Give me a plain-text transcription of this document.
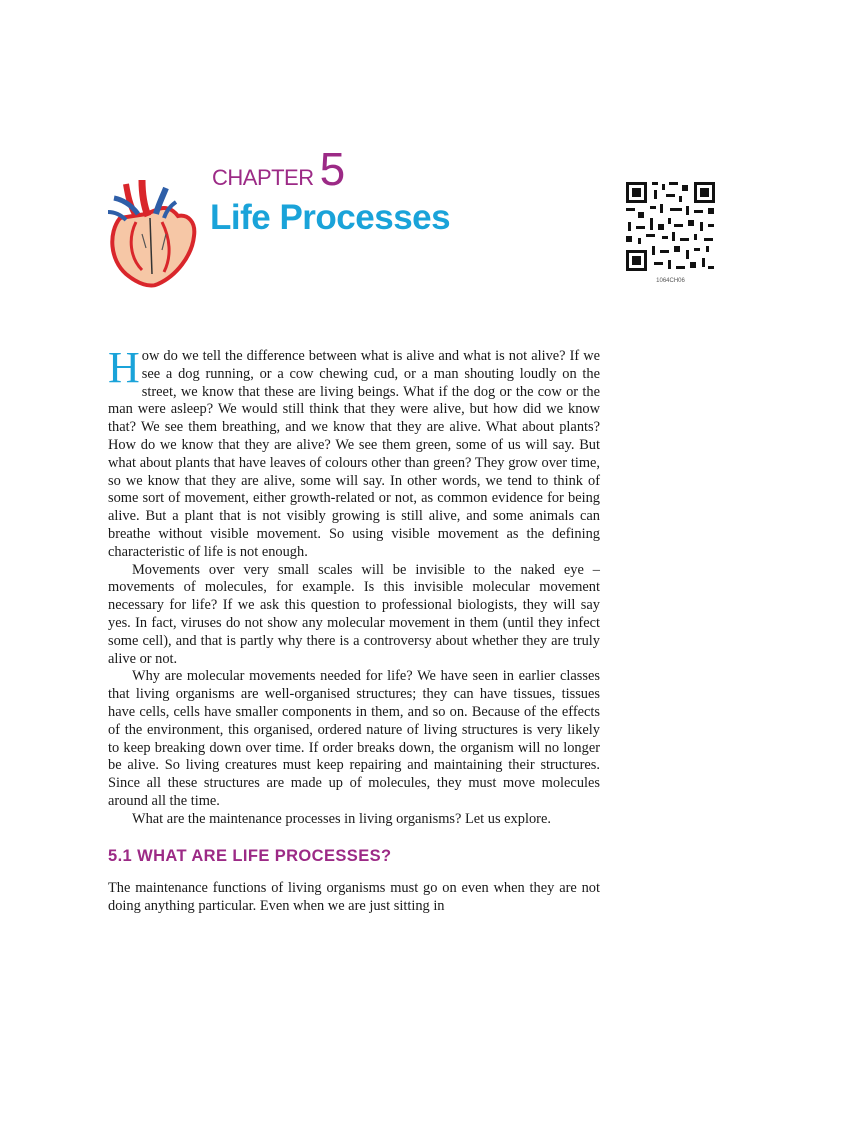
CHAPTER 5
Life Processes
1064CH06

How do we tell the difference between what is alive and what is not alive? If we see a dog running, or a cow chewing cud, or a man shouting loudly on the street, we know that these are living beings. What if the dog or the cow or the man were asleep? We would still think that they were alive, but how did we know that? We see them breathing, and we know that they are alive. What about plants? How do we know that they are alive? We see them green, some of us will say. But what about plants that have leaves of colours other than green? They grow over time, so we know that they are alive, some will say. In other words, we tend to think of some sort of movement, either growth-related or not, as common evidence for being alive. But a plant that is not visibly growing is still alive, and some animals can breathe without visible movement. So using visible movement as the defining characteristic of life is not enough.

Movements over very small scales will be invisible to the naked eye – movements of molecules, for example. Is this invisible molecular movement necessary for life? If we ask this question to professional biologists, they will say yes. In fact, viruses do not show any molecular movement in them (until they infect some cell), and that is partly why there is a controversy about whether they are truly alive or not.

Why are molecular movements needed for life? We have seen in earlier classes that living organisms are well-organised structures; they can have tissues, tissues have cells, cells have smaller components in them, and so on. Because of the effects of the environment, this organised, ordered nature of living structures is very likely to keep breaking down over time. If order breaks down, the organism will no longer be alive. So living creatures must keep repairing and maintaining their structures. Since all these structures are made up of molecules, they must move molecules around all the time.

What are the maintenance processes in living organisms? Let us explore.

5.1 WHAT ARE LIFE PROCESSES?

The maintenance functions of living organisms must go on even when they are not doing anything particular. Even when we are just sitting in
